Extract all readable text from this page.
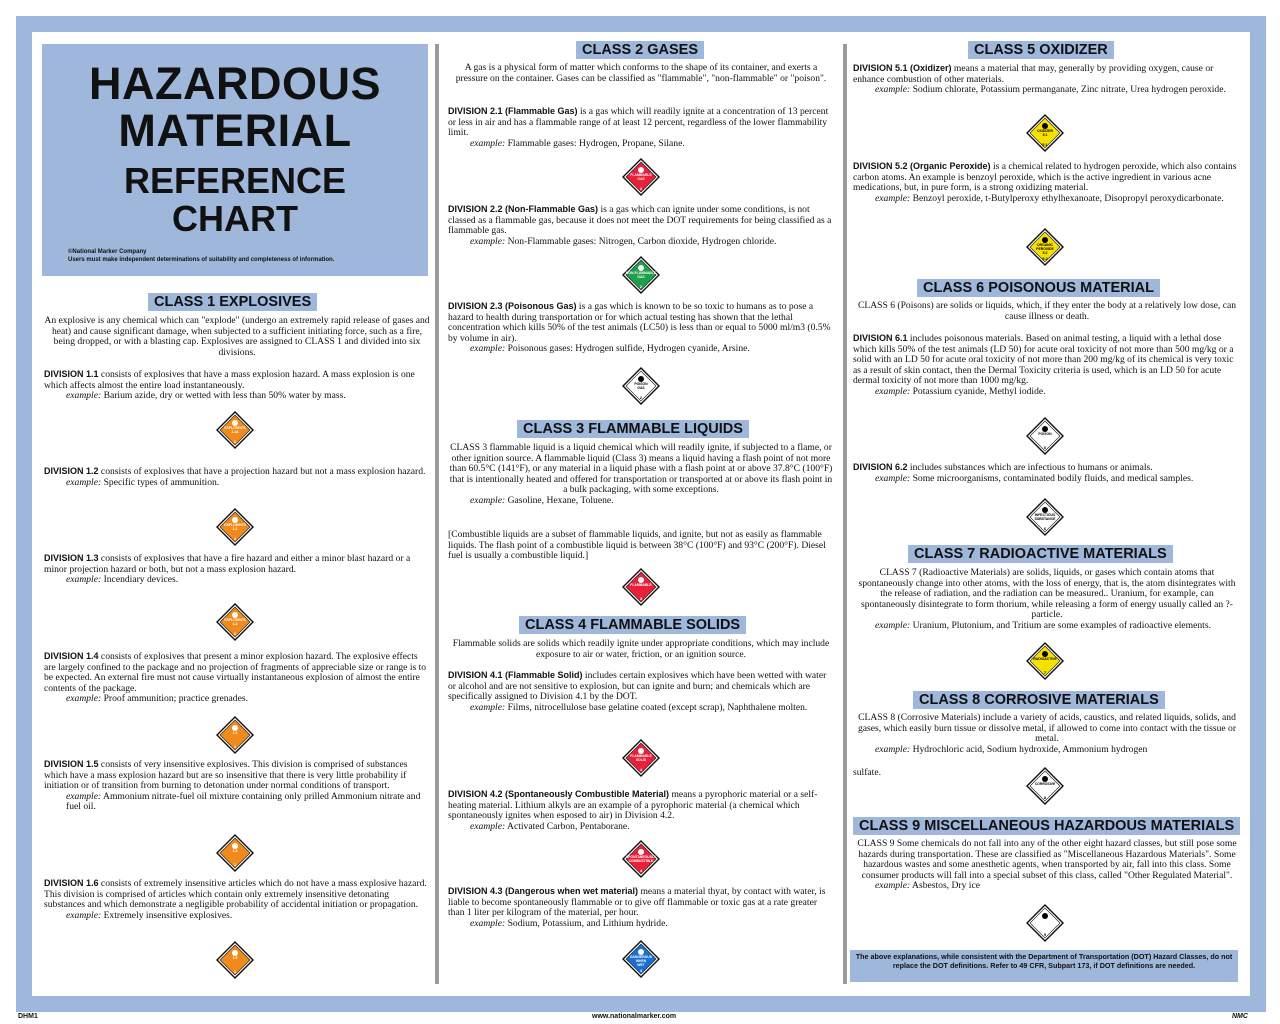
HAZARDOUS
MATERIAL
REFERENCE
CHART
©National Marker Company
Users must make independent determinations of suitability and completeness of information.
CLASS 1 EXPLOSIVES
An explosive is any chemical which can "explode" (undergo an extremely rapid release of gases and heat) and cause significant damage, when subjected to a sufficient initiating force, such as a fire, being dropped, or with a blasting cap. Explosives are assigned to CLASS 1 and divided into six divisions.
DIVISION 1.1 consists of explosives that have a mass explosion hazard. A mass explosion is one which affects almost the entire load instantaneously.
example: Barium azide, dry or wetted with less than 50% water by mass.
EXPLOSIVES
1.1A
1
DIVISION 1.2 consists of explosives that have a projection hazard but not a mass explosion hazard.
example: Specific types of ammunition.
EXPLOSIVES
1.2
1
DIVISION 1.3 consists of explosives that have a fire hazard and either a minor blast hazard or a minor projection hazard or both, but not a mass explosion hazard.
example: Incendiary devices.
EXPLOSIVES
1.3
1
DIVISION 1.4 consists of explosives that present a minor explosion hazard. The explosive effects are largely confined to the package and no projection of fragments of appreciable size or range is to be expected. An external fire must not cause virtually instantaneous explosion of almost the entire contents of the package.
example: Proof ammunition; practice grenades.
1.4
1
DIVISION 1.5 consists of very insensitive explosives. This division is comprised of substances which have a mass explosion hazard but are so insensitive that there is very little probability if initiation or of transition from burning to detonation under normal conditions of transport.
example: Ammonium nitrate-fuel oil mixture containing only prilled Ammonium nitrate and fuel oil.
1.5
1
DIVISION 1.6 consists of extremely insensitive articles which do not have a mass explosive hazard. This division is comprised of articles which contain only extremely insensitive detonating substances and which demonstrate a negligible probability of accidental initiation or propagation.
example: Extremely insensitive explosives.
1.6
1
CLASS 2 GASES
A gas is a physical form of matter which conforms to the shape of its container, and exerts a pressure on the container. Gases can be classified as "flammable", "non-flammable" or "poison".
DIVISION 2.1 (Flammable Gas) is a gas which will readily ignite at a concentration of 13 percent or less in air and has a flammable range of at least 12 percent, regardless of the lower flammability limit.
example: Flammable gases: Hydrogen, Propane, Silane.
FLAMMABLE
GAS
2
DIVISION 2.2 (Non-Flammable Gas) is a gas which can ignite under some conditions, is not classed as a flammable gas, because it does not meet the DOT requirements for being classified as a flammable gas.
example: Non-Flammable gases: Nitrogen, Carbon dioxide, Hydrogen chloride.
NON-FLAMMABLE
GAS
2
DIVISION 2.3 (Poisonous Gas) is a gas which is known to be so toxic to humans as to pose a hazard to health during transportation or for which actual testing has shown that the lethal concentration which kills 50% of the test animals (LC50) is less than or equal to 5000 ml/m3 (0.5% by volume in air).
example: Poisonous gases: Hydrogen sulfide, Hydrogen cyanide, Arsine.
POISON
GAS
2
CLASS 3 FLAMMABLE LIQUIDS
CLASS 3 flammable liquid is a liquid chemical which will readily ignite, if subjected to a flame, or other ignition source. A flammable liquid (Class 3) means a liquid having a flash point of not more than 60.5°C (141°F), or any material in a liquid phase with a flash point at or above 37.8°C (100°F) that is intentionally heated and offered for transportation or transported at or above its flash point in a bulk packaging, with some exceptions.
example: Gasoline, Hexane, Toluene.
[Combustible liquids are a subset of flammable liquids, and ignite, but not as easily as flammable liquids. The flash point of a combustible liquid is between 38°C (100°F) and 93°C (200°F). Diesel fuel is usually a combustible liquid.]
FLAMMABLE
3
CLASS 4 FLAMMABLE SOLIDS
Flammable solids are solids which readily ignite under appropriate conditions, which may include exposure to air or water, friction, or an ignition source.
DIVISION 4.1 (Flammable Solid) includes certain explosives which have been wetted with water or alcohol and are not sensitive to explosion, but can ignite and burn; and chemicals which are specifically assigned to Division 4.1 by the DOT.
example: Films, nitrocellulose base gelatine coated (except scrap), Naphthalene molten.
FLAMMABLE
SOLID
4
DIVISION 4.2 (Spontaneously Combustible Material) means a pyrophoric material or a self-heating material. Lithium alkyls are an example of a pyrophoric material (a chemical which spontaneously ignites when esposed to air) in Division 4.2.
example: Activated Carbon, Pentaborane.
SPONTANEOUSLY
COMBUSTIBLE
4
DIVISION 4.3 (Dangerous when wet material) means a material thyat, by contact with water, is liable to become spontaneously flammable or to give off flammable or toxic gas at a rate greater than 1 liter per kilogram of the material, per hour.
example: Sodium, Potassium, and Lithium hydride.
DANGEROUS
WHEN
WET
4
CLASS 5 OXIDIZER
DIVISION 5.1 (Oxidizer) means a material that may, generally by providing oxygen, cause or enhance combustion of other materials.
example: Sodium chlorate, Potassium permanganate, Zinc nitrate, Urea hydrogen peroxide.
OXIDIZER
5.1
5.1
DIVISION 5.2 (Organic Peroxide) is a chemical related to hydrogen peroxide, which also contains carbon atoms. An example is benzoyl peroxide, which is the active ingredient in various acne medications, but, in pure form, is a strong oxidizing material.
example: Benzoyl peroxide, t-Butylperoxy ethylhexanoate, Disopropyl peroxydicarbonate.
ORGANIC
PEROXIDE
5.2
5.2
CLASS 6 POISONOUS MATERIAL
CLASS 6 (Poisons) are solids or liquids, which, if they enter the body at a relatively low dose, can cause illness or death.
DIVISION 6.1 includes poisonous materials. Based on animal testing, a liquid with a lethal dose which kills 50% of the test animals (LD 50) for acute oral toxicity of not more than 500 mg/kg or a solid with an LD 50 for acute oral toxicity of not more than 200 mg/kg of its chemical is very toxic as a result of skin contact, then the Dermal Toxicity criteria is used, which is an LD 50 for acute dermal toxicity of not more than 1000 mg/kg.
example: Potassium cyanide, Methyl iodide.
POISON
6
DIVISION 6.2 includes substances which are infectious to humans or animals.
example: Some microorganisms, contaminated bodily fluids, and medical samples.
INFECTIOUS
SUBSTANCE
6
CLASS 7 RADIOACTIVE MATERIALS
CLASS 7 (Radioactive Materials) are solids, liquids, or gases which contain atoms that spontaneously change into other atoms, with the loss of energy, that is, the atom disintegrates with the release of radiation, and the radiation can be measured.. Uranium, for example, can spontaneously disintegrate to form thorium, while releasing a form of energy usually called an ?-particle.
example: Uranium, Plutonium, and Tritium are some examples of radioactive elements.
RADIOACTIVE
7
CLASS 8 CORROSIVE MATERIALS
CLASS 8 (Corrosive Materials) include a variety of acids, caustics, and related liquids, solids, and gases, which easily burn tissue or dissolve metal, if allowed to come into contact with the tissue or metal.
example: Hydrochloric acid, Sodium hydroxide, Ammonium hydrogen
sulfate.
CORROSIVE
8
CLASS 9 MISCELLANEOUS HAZARDOUS MATERIALS
CLASS 9 Some chemicals do not fall into any of the other eight hazard classes, but still pose some hazards during transportation. These are classified as "Miscellaneous Hazardous Materials". Some hazardous wastes and some anesthetic agents, when transported by air, fall into this class. Some consumer products will fall into a special subset of this class, called "Other Regulated Material".
example: Asbestos, Dry ice
9
The above explanations, while consistent with the Department of Transportation (DOT) Hazard Classes, do not replace the DOT definitions. Refer to 49 CFR, Subpart 173, if DOT definitions are needed.
DHM1	www.nationalmarker.com	NMC
